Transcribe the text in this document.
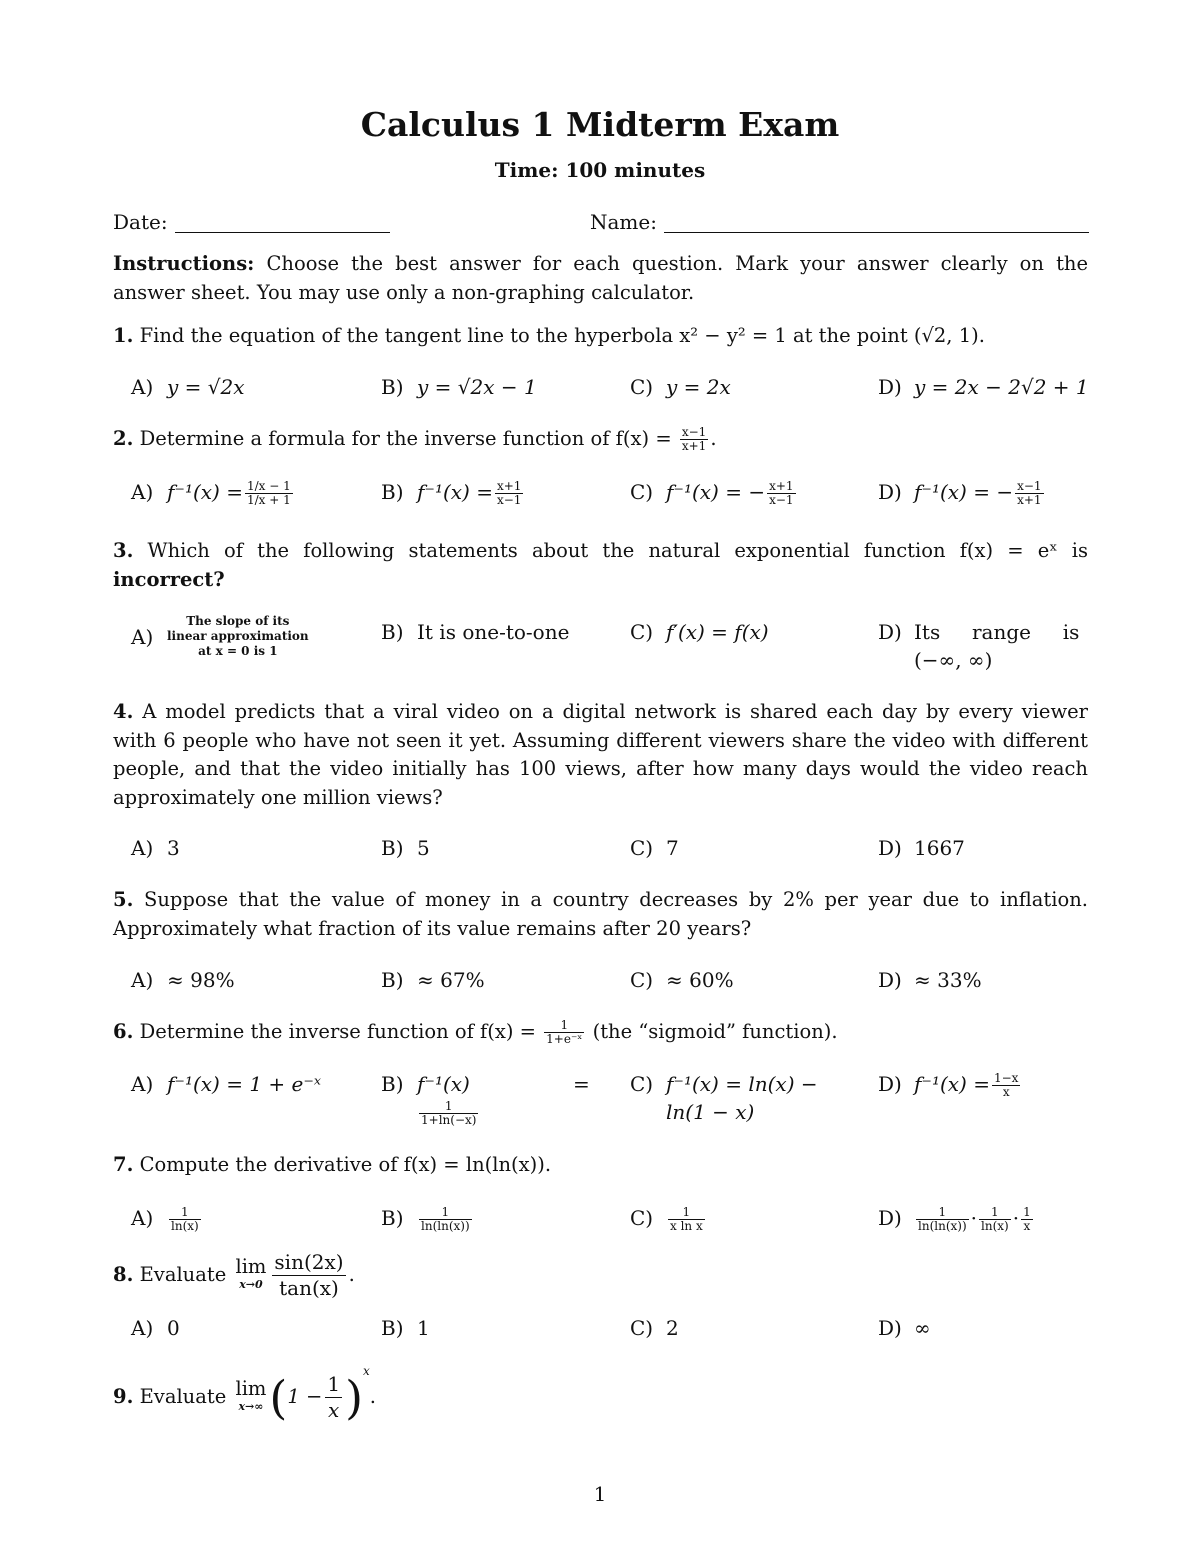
Calculus 1 Midterm Exam
Time: 100 minutes
Date:	Name:
Instructions: Choose the best answer for each question. Mark your answer clearly on the answer sheet. You may use only a non-graphing calculator.
1. Find the equation of the tangent line to the hyperbola x² − y² = 1 at the point (√2, 1).
A) y = √2x	B) y = √2x − 1	C) y = 2x	D) y = 2x − 2√2 + 1
2. Determine a formula for the inverse function of $f(x) = \frac{x-1}{x+1}$ .
A) $f^{-1}(x) = \frac{1/x - 1}{1/x + 1}$	B) $f^{-1}(x) = \frac{x+1}{x-1}$	C) f⁻¹(x) = − $\frac{x+1}{x-1}$	D) f⁻¹(x) = − $\frac{x-1}{x+1}$
3. Which of the following statements about the natural exponential function f(x) = eˣ is incorrect?
A)
The slope of its
linear approximation
at x = 0 is 1
B) It is one-to-one	C) f′(x) = f(x)	D) Its     range     is
(−∞, ∞)
4. A model predicts that a viral video on a digital network is shared each day by every viewer with 6 people who have not seen it yet. Assuming different viewers share the video with different people, and that the video initially has 100 views, after how many days would the video reach approximately one million views?
A) 3	B) 5	C) 7	D) 1667
5. Suppose that the value of money in a country decreases by 2% per year due to inflation. Approximately what fraction of its value remains after 20 years?
A) ≈ 98%	B) ≈ 67%	C) ≈ 60%	D) ≈ 33%
6. Determine the inverse function of $f(x) = \frac{1}{\text{1+e⁻ˣ}} (the$ “sigmoid” function).
A) f⁻¹(x) = 1 + e⁻ˣ	B) f⁻¹(x)	=
$\frac{1}{1+\ln(-x)}$
C) f⁻¹(x) = ln(x) −
ln(1 − x)
D) $f^{-1}(x) = \frac{1-x}{x}$
7. Compute the derivative of f(x) = ln(ln(x)).
$A) \frac{1}{\ln(x)}$	$B) \frac{1}{\ln(\ln(x))}$	$C) \frac{1}{\text{x ln x}}$	$D) \frac{1}{\ln(\ln(x))} \cdot \frac{1}{\ln(x)} \cdot \frac{1}{x}$
8. Evaluate lim
$x\to 0 \frac{\sin(2x)}{\tan(x)}$ .
A) 0	B) 1	C) 2	D) ∞
9. Evaluate lim
x→∞ $(1 - \frac{1}{x} )^x$.
1
